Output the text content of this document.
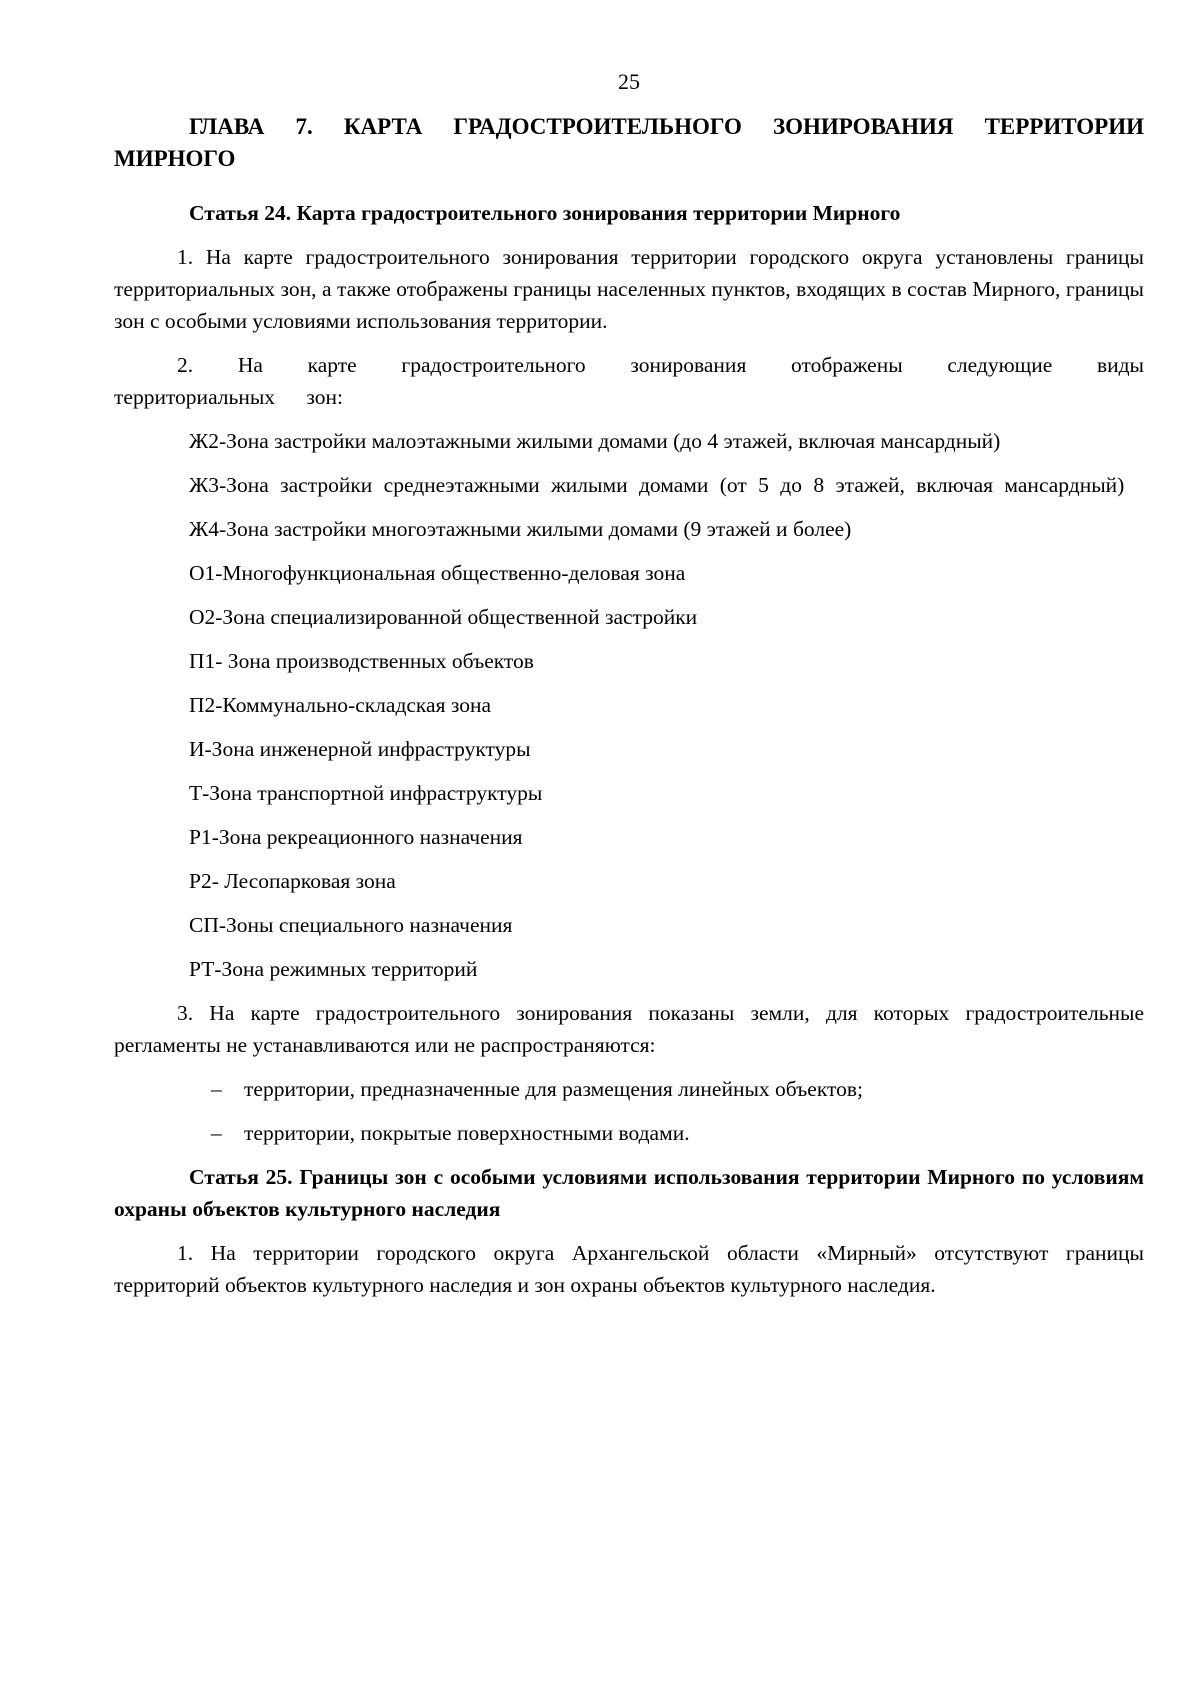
25
ГЛАВА 7. КАРТА ГРАДОСТРОИТЕЛЬНОГО ЗОНИРОВАНИЯ ТЕРРИТОРИИ МИРНОГО
Статья 24. Карта градостроительного зонирования территории Мирного
1. На карте градостроительного зонирования территории городского округа установлены границы территориальных зон, а также отображены границы населенных пунктов, входящих в состав Мирного, границы зон с особыми условиями использования территории.
2. На карте градостроительного зонирования отображены следующие виды территориальных зон:
Ж2-Зона застройки малоэтажными жилыми домами (до 4 этажей, включая мансардный)
Ж3-Зона застройки среднеэтажными жилыми домами (от 5 до 8 этажей, включая мансардный)
Ж4-Зона застройки многоэтажными жилыми домами (9 этажей и более)
О1-Многофункциональная общественно-деловая зона
О2-Зона специализированной общественной застройки
П1- Зона производственных объектов
П2-Коммунально-складская зона
И-Зона инженерной инфраструктуры
Т-Зона транспортной инфраструктуры
Р1-Зона рекреационного назначения
Р2- Лесопарковая зона
СП-Зоны специального назначения
РТ-Зона режимных территорий
3. На карте градостроительного зонирования показаны земли, для которых градостроительные регламенты не устанавливаются или не распространяются:
– территории, предназначенные для размещения линейных объектов;
– территории, покрытые поверхностными водами.
Статья 25. Границы зон с особыми условиями использования территории Мирного по условиям охраны объектов культурного наследия
1. На территории городского округа Архангельской области «Мирный» отсутствуют границы территорий объектов культурного наследия и зон охраны объектов культурного наследия.
